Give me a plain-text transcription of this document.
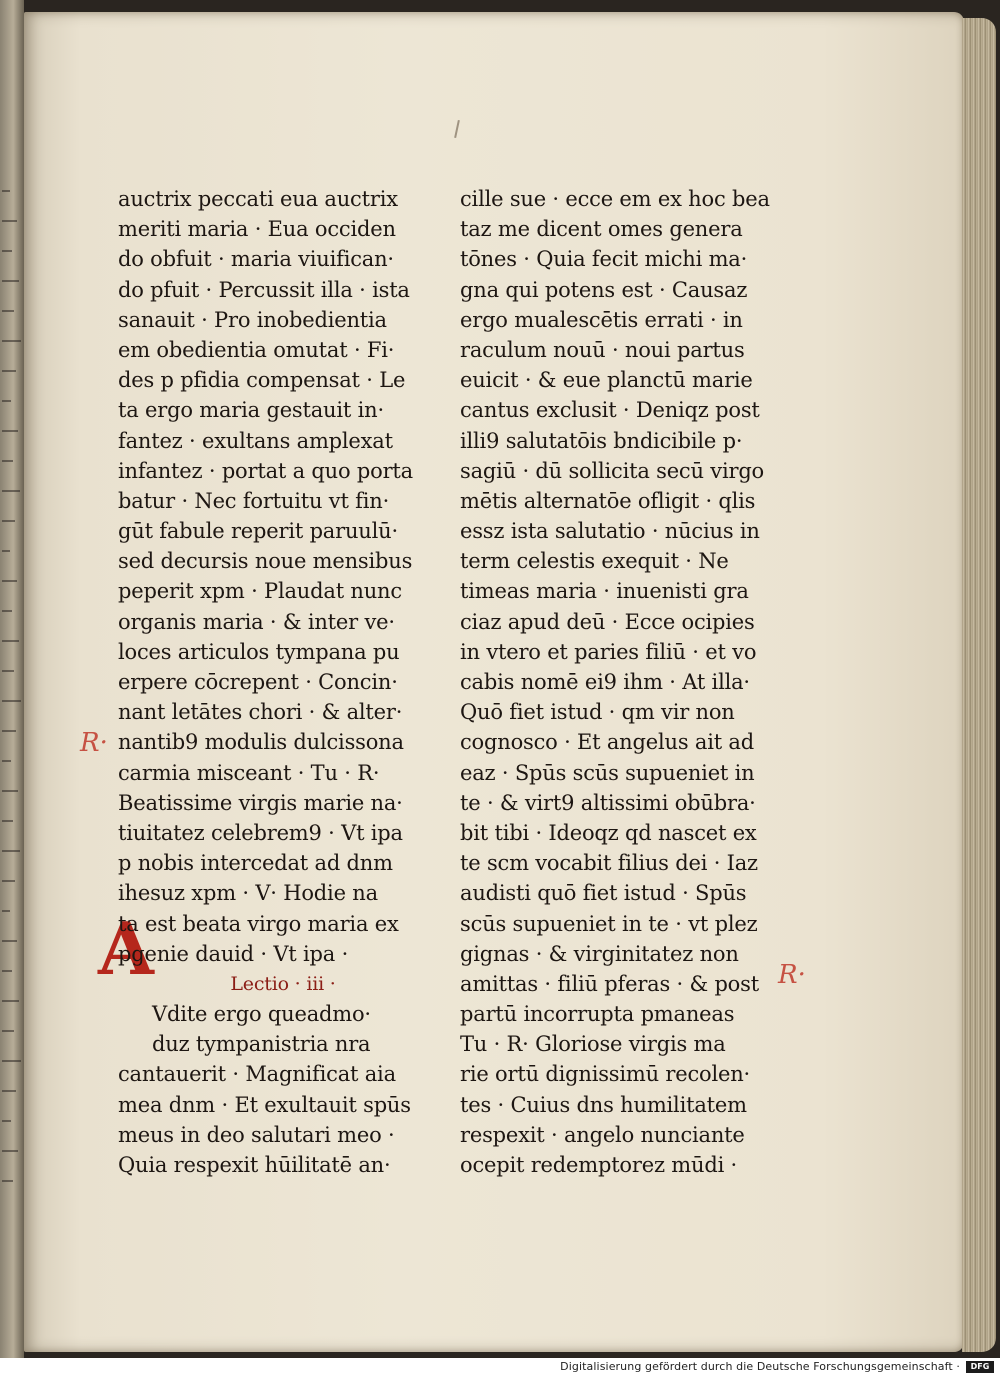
R·
R·
A
auctrix peccati eua auctrix
meriti maria · Eua occiden
do obfuit · maria viuifican·
do pfuit · Percussit illa · ista
sanauit · Pro inobedientia
em obedientia omutat · Fi·
des p pfidia compensat · Le
ta ergo maria gestauit in·
fantez · exultans amplexat
infantez · portat a quo porta
batur · Nec fortuitu vt fin·
gūt fabule reperit paruulū·
sed decursis noue mensibus
peperit xpm · Plaudat nunc
organis maria · & inter ve·
loces articulos tympana pu
erpere cōcrepent · Concin·
nant letātes chori · & alter·
nantib9 modulis dulcissona
carmia misceant · Tu · R·
Beatissime virgis marie na·
tiuitatez celebrem9 · Vt ipa
p nobis intercedat ad dnm
ihesuz xpm · V· Hodie na
ta est beata virgo maria ex
pgenie dauid · Vt ipa ·
Lectio · iii ·
Vdite ergo queadmo·
duz tympanistria nra
cantauerit · Magnificat aia
mea dnm · Et exultauit spūs
meus in deo salutari meo ·
Quia respexit hūilitatē an·
cille sue · ecce em ex hoc bea
taz me dicent omes genera
tōnes · Quia fecit michi ma·
gna qui potens est · Causaz
ergo mualescētis errati · in
raculum nouū · noui partus
euicit · & eue planctū marie
cantus exclusit · Deniqz post
illi9 salutatōis bndicibile p·
sagiū · dū sollicita secū virgo
mētis alternatōe ofligit · qlis
essz ista salutatio · nūcius in
term celestis exequit · Ne
timeas maria · inuenisti gra
ciaz apud deū · Ecce ocipies
in vtero et paries filiū · et vo
cabis nomē ei9 ihm · At illa·
Quō fiet istud · qm vir non
cognosco · Et angelus ait ad
eaz · Spūs scūs supueniet in
te · & virt9 altissimi obūbra·
bit tibi · Ideoqz qd nascet ex
te scm vocabit filius dei · Iaz
audisti quō fiet istud · Spūs
scūs supueniet in te · vt plez
gignas · & virginitatez non
amittas · filiū pferas · & post
partū incorrupta pmaneas
Tu · R· Gloriose virgis ma
rie ortū dignissimū recolen·
tes · Cuius dns humilitatem
respexit · angelo nunciante
ocepit redemptorez mūdi ·
Digitalisierung gefördert durch die Deutsche Forschungsgemeinschaft ·	DFG
